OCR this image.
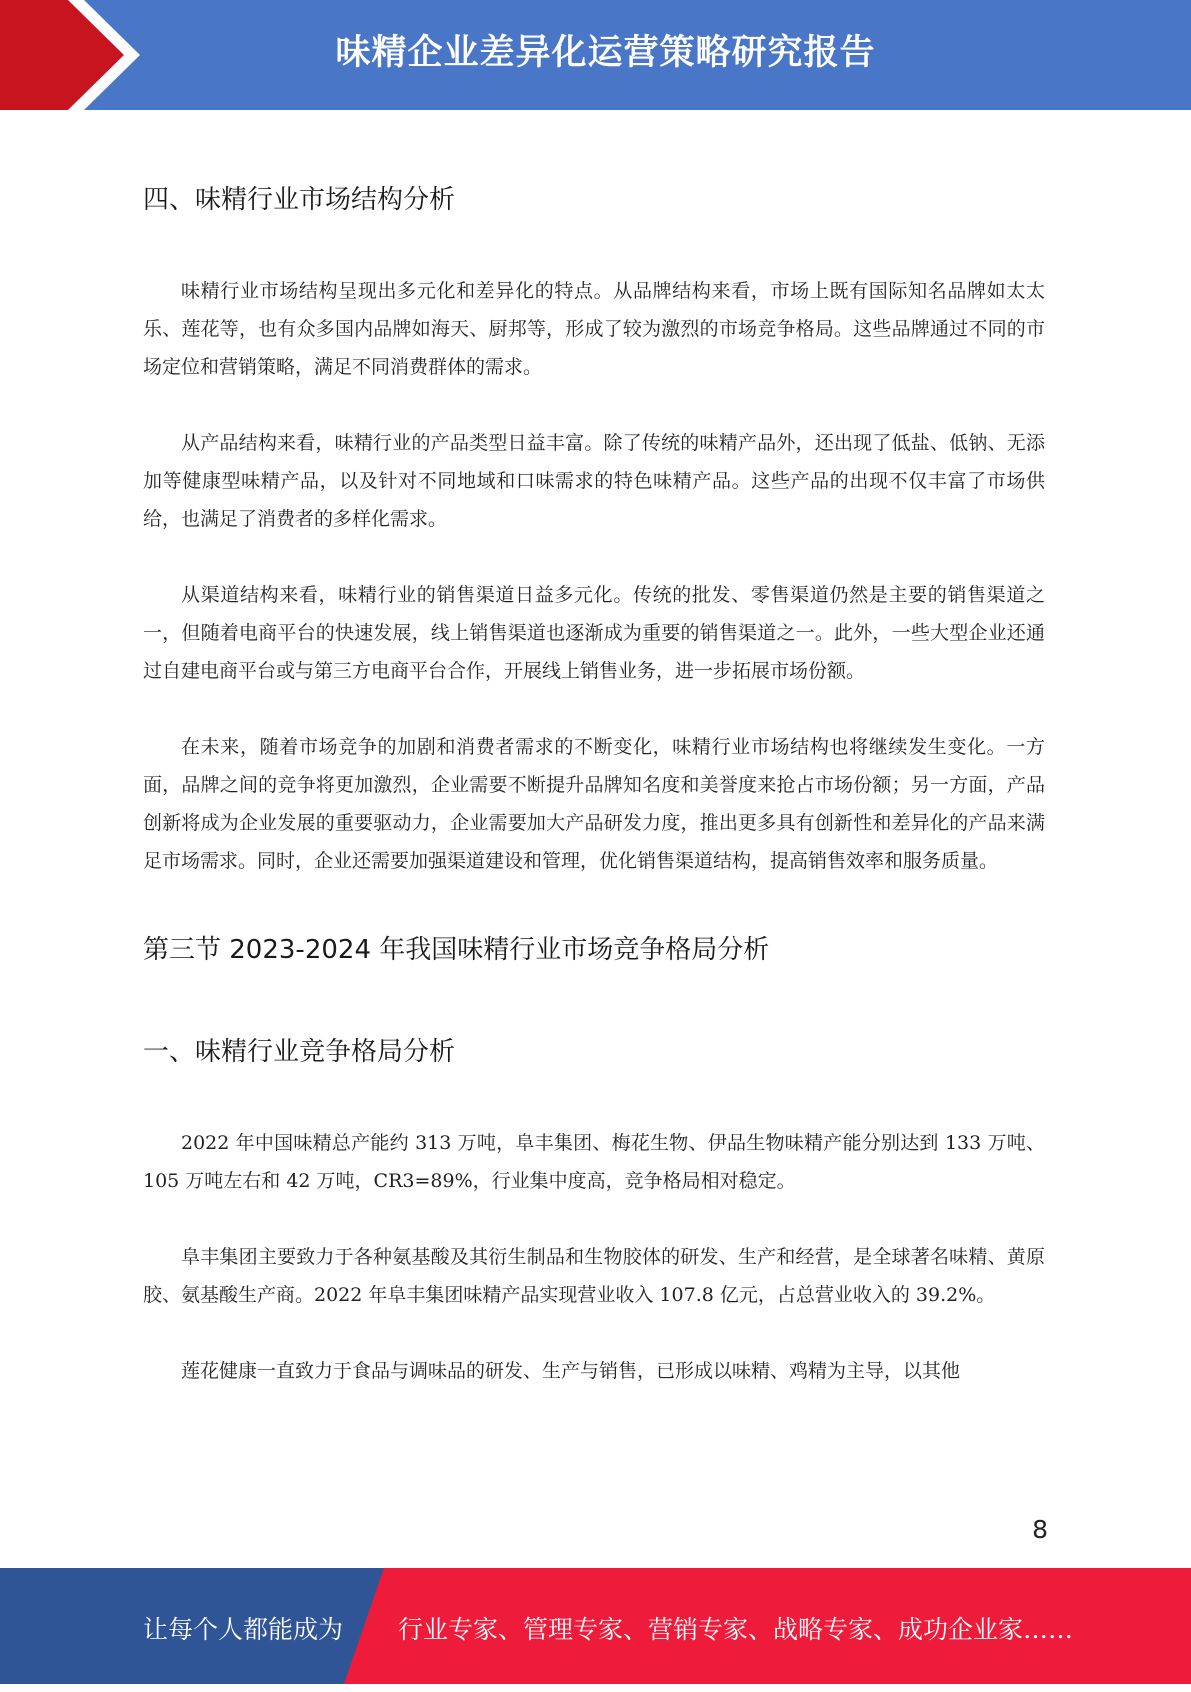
味精企业差异化运营策略研究报告
四、味精行业市场结构分析

味精行业市场结构呈现出多元化和差异化的特点。从品牌结构来看，市场上既有国际知名品牌如太太乐、莲花等，也有众多国内品牌如海天、厨邦等，形成了较为激烈的市场竞争格局。这些品牌通过不同的市场定位和营销策略，满足不同消费群体的需求。

从产品结构来看，味精行业的产品类型日益丰富。除了传统的味精产品外，还出现了低盐、低钠、无添加等健康型味精产品，以及针对不同地域和口味需求的特色味精产品。这些产品的出现不仅丰富了市场供给，也满足了消费者的多样化需求。

从渠道结构来看，味精行业的销售渠道日益多元化。传统的批发、零售渠道仍然是主要的销售渠道之一，但随着电商平台的快速发展，线上销售渠道也逐渐成为重要的销售渠道之一。此外，一些大型企业还通过自建电商平台或与第三方电商平台合作，开展线上销售业务，进一步拓展市场份额。

在未来，随着市场竞争的加剧和消费者需求的不断变化，味精行业市场结构也将继续发生变化。一方面，品牌之间的竞争将更加激烈，企业需要不断提升品牌知名度和美誉度来抢占市场份额；另一方面，产品创新将成为企业发展的重要驱动力，企业需要加大产品研发力度，推出更多具有创新性和差异化的产品来满足市场需求。同时，企业还需要加强渠道建设和管理，优化销售渠道结构，提高销售效率和服务质量。

第三节 2023-2024 年我国味精行业市场竞争格局分析
一、味精行业竞争格局分析

2022 年中国味精总产能约 313 万吨，阜丰集团、梅花生物、伊品生物味精产能分别达到 133 万吨、105 万吨左右和 42 万吨，CR3=89%，行业集中度高，竞争格局相对稳定。

阜丰集团主要致力于各种氨基酸及其衍生制品和生物胶体的研发、生产和经营，是全球著名味精、黄原胶、氨基酸生产商。2022 年阜丰集团味精产品实现营业收入 107.8 亿元，占总营业收入的 39.2%。

莲花健康一直致力于食品与调味品的研发、生产与销售，已形成以味精、鸡精为主导，以其他

8
让每个人都能成为 行业专家、管理专家、营销专家、战略专家、成功企业家……
